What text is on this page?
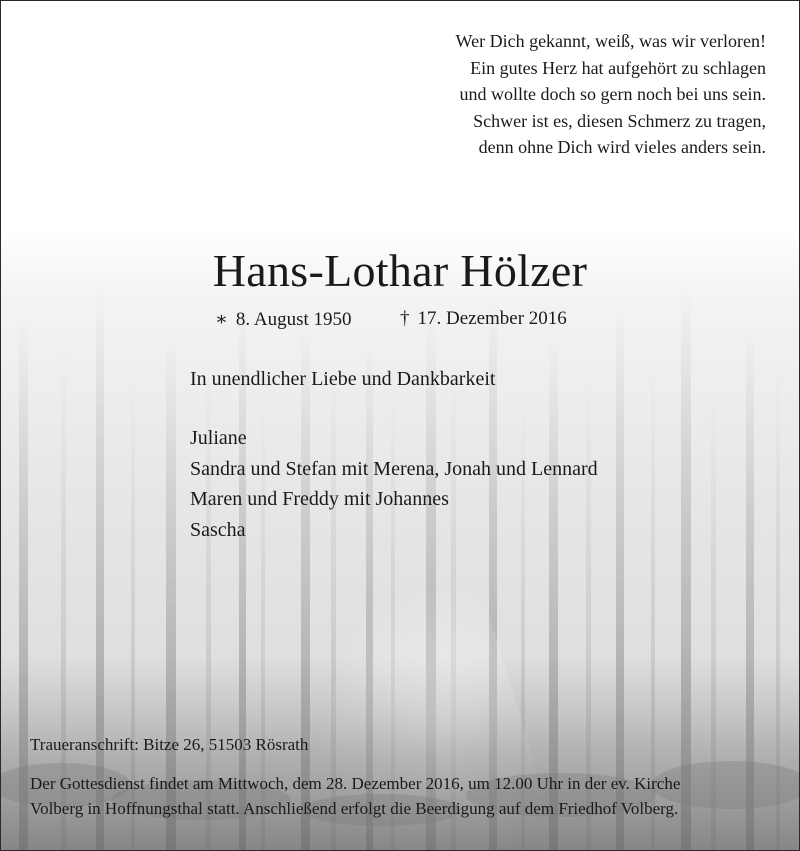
Wer Dich gekannt, weiß, was wir verloren!
Ein gutes Herz hat aufgehört zu schlagen
und wollte doch so gern noch bei uns sein.
Schwer ist es, diesen Schmerz zu tragen,
denn ohne Dich wird vieles anders sein.
Hans-Lothar Hölzer
∗ 8. August 1950	† 17. Dezember 2016
In unendlicher Liebe und Dankbarkeit
Juliane
Sandra und Stefan mit Merena, Jonah und Lennard
Maren und Freddy mit Johannes
Sascha
Traueranschrift: Bitze 26, 51503 Rösrath
Der Gottesdienst findet am Mittwoch, dem 28. Dezember 2016, um 12.00 Uhr in der ev. Kirche
Volberg in Hoffnungsthal statt. Anschließend erfolgt die Beerdigung auf dem Friedhof Volberg.
